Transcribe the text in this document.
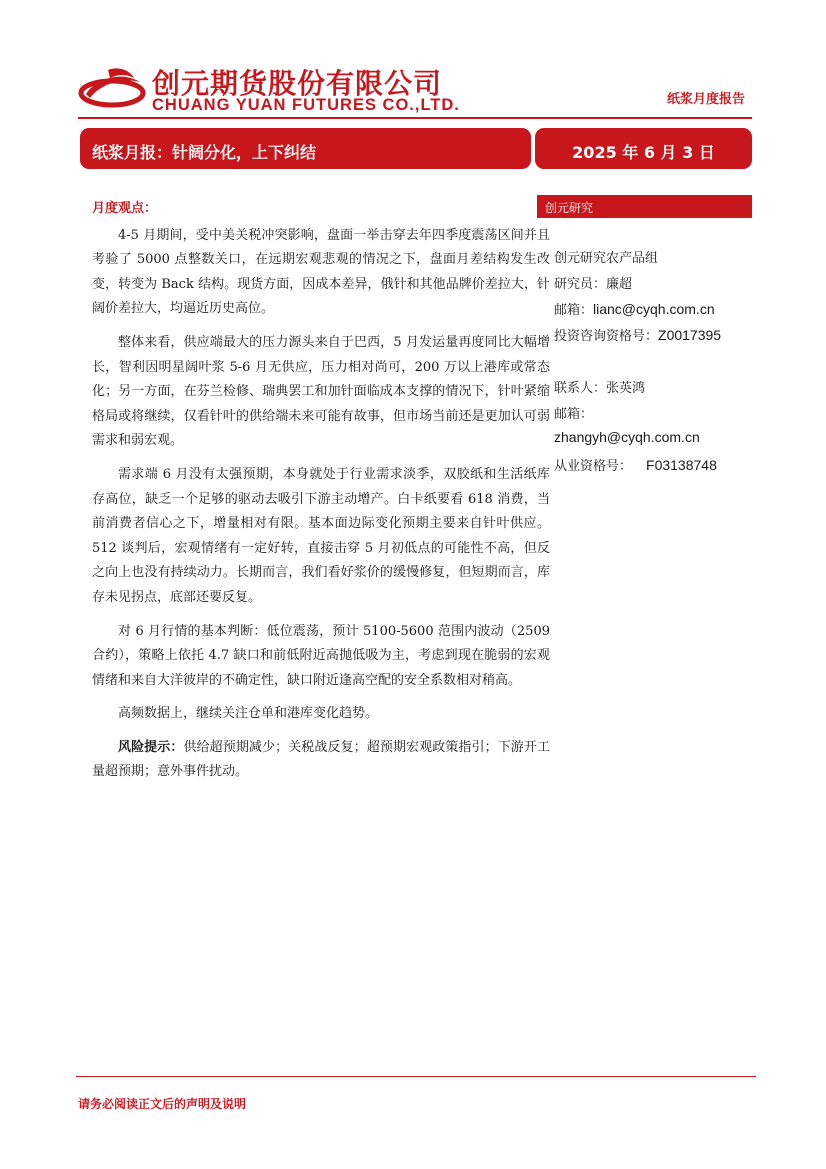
创元期货股份有限公司
CHUANG YUAN FUTURES CO.,LTD.	纸浆月度报告
纸浆月报：针阔分化，上下纠结	2025 年 6 月 3 日
月度观点：

4-5 月期间，受中美关税冲突影响，盘面一举击穿去年四季度震荡区间并且考验了 5000 点整数关口，在远期宏观悲观的情况之下，盘面月差结构发生改变，转变为 Back 结构。现货方面，因成本差异，俄针和其他品牌价差拉大，针阔价差拉大，均逼近历史高位。

整体来看，供应端最大的压力源头来自于巴西，5 月发运量再度同比大幅增长，智利因明星阔叶浆 5-6 月无供应，压力相对尚可，200 万以上港库或常态化；另一方面，在芬兰检修、瑞典罢工和加针面临成本支撑的情况下，针叶紧缩格局或将继续，仅看针叶的供给端未来可能有故事，但市场当前还是更加认可弱需求和弱宏观。

需求端 6 月没有太强预期，本身就处于行业需求淡季，双胶纸和生活纸库存高位，缺乏一个足够的驱动去吸引下游主动增产。白卡纸要看 618 消费，当前消费者信心之下，增量相对有限。基本面边际变化预期主要来自针叶供应。512 谈判后，宏观情绪有一定好转，直接击穿 5 月初低点的可能性不高，但反之向上也没有持续动力。长期而言，我们看好浆价的缓慢修复，但短期而言，库存未见拐点，底部还要反复。

对 6 月行情的基本判断：低位震荡，预计 5100-5600 范围内波动（2509 合约），策略上依托 4.7 缺口和前低附近高抛低吸为主，考虑到现在脆弱的宏观情绪和来自大洋彼岸的不确定性，缺口附近逢高空配的安全系数相对稍高。

高频数据上，继续关注仓单和港库变化趋势。

风险提示：供给超预期减少；关税战反复；超预期宏观政策指引；下游开工量超预期；意外事件扰动。

创元研究
创元研究农产品组
研究员：廉超
邮箱：lianc@cyqh.com.cn
投资咨询资格号：Z0017395
联系人：张英鸿
邮箱：
zhangyh@cyqh.com.cn
从业资格号： F03138748
请务必阅读正文后的声明及说明
